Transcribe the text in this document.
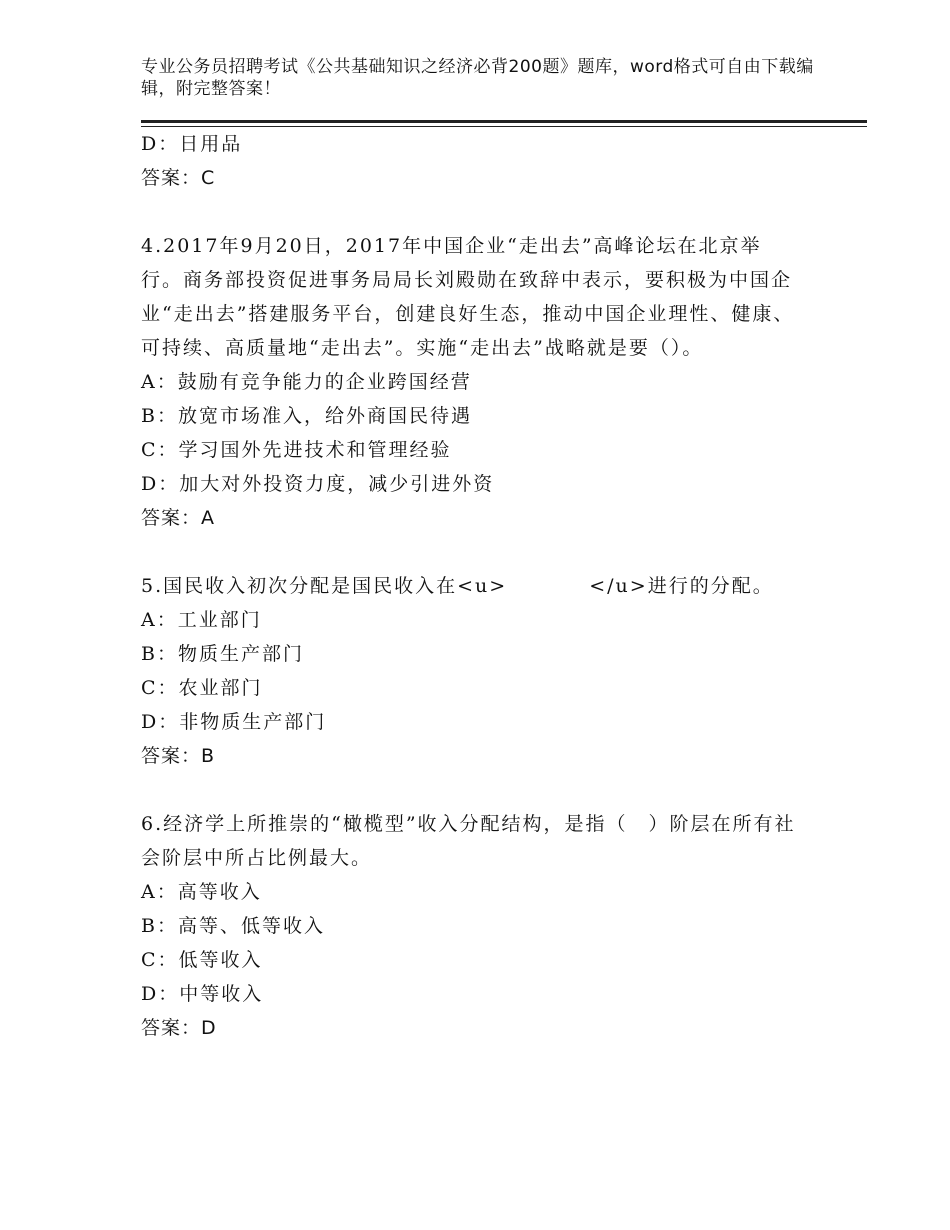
专业公务员招聘考试《公共基础知识之经济必背200题》题库，word格式可自由下载编辑，附完整答案！
D：日用品
答案：C
4.2017年9月20日，2017年中国企业“走出去”高峰论坛在北京举行。商务部投资促进事务局局长刘殿勋在致辞中表示，要积极为中国企业“走出去”搭建服务平台，创建良好生态，推动中国企业理性、健康、可持续、高质量地“走出去”。实施“走出去”战略就是要（）。
A：鼓励有竞争能力的企业跨国经营
B：放宽市场准入，给外商国民待遇
C：学习国外先进技术和管理经验
D：加大对外投资力度，减少引进外资
答案：A
5.国民收入初次分配是国民收入在<u>	</u>进行的分配。
A：工业部门
B：物质生产部门
C：农业部门
D：非物质生产部门
答案：B
6.经济学上所推崇的“橄榄型”收入分配结构，是指（　）阶层在所有社会阶层中所占比例最大。
A：高等收入
B：高等、低等收入
C：低等收入
D：中等收入
答案：D
